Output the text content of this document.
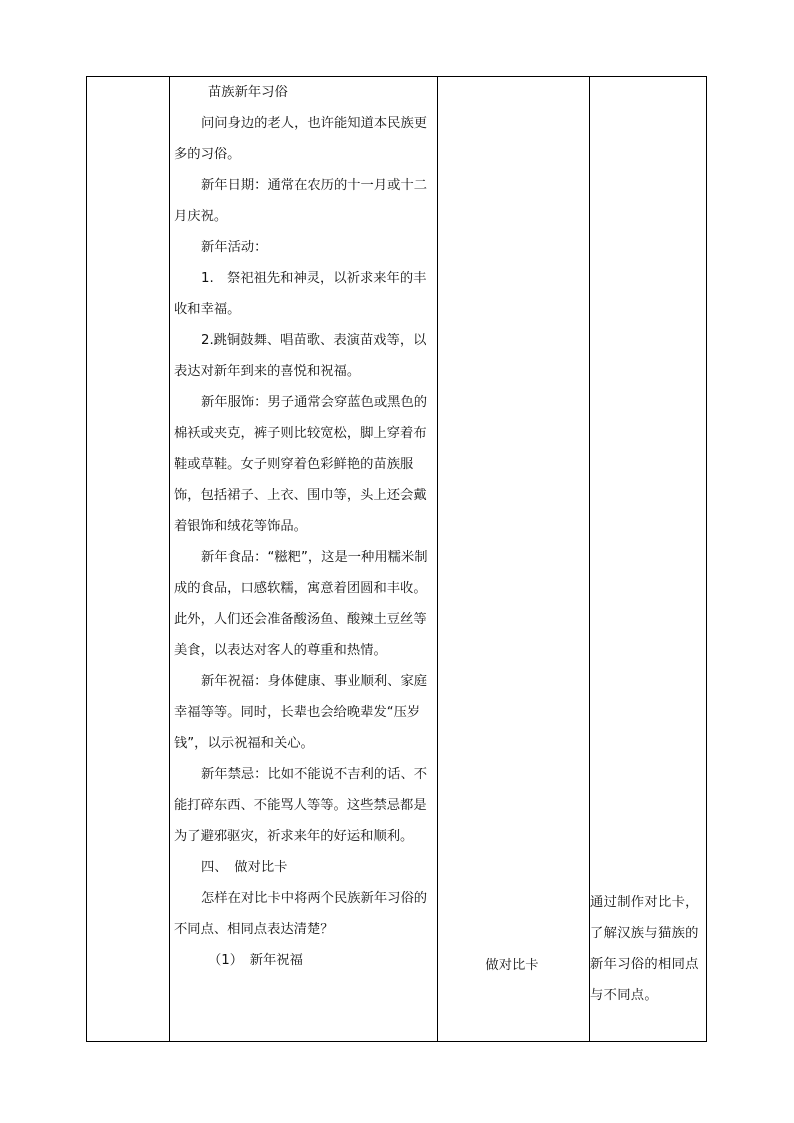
苗族新年习俗

问问身边的老人，也许能知道本民族更多的习俗。

新年日期：通常在农历的十一月或十二月庆祝。

新年活动：

1.　祭祀祖先和神灵，以祈求来年的丰收和幸福。

2.跳铜鼓舞、唱苗歌、表演苗戏等，以表达对新年到来的喜悦和祝福。

新年服饰：男子通常会穿蓝色或黑色的棉袄或夹克，裤子则比较宽松，脚上穿着布鞋或草鞋。女子则穿着色彩鲜艳的苗族服饰，包括裙子、上衣、围巾等，头上还会戴着银饰和绒花等饰品。

新年食品：“糍粑”，这是一种用糯米制成的食品，口感软糯，寓意着团圆和丰收。此外，人们还会准备酸汤鱼、酸辣土豆丝等美食，以表达对客人的尊重和热情。

新年祝福：身体健康、事业顺利、家庭幸福等等。同时，长辈也会给晚辈发“压岁钱”，以示祝福和关心。

新年禁忌：比如不能说不吉利的话、不能打碎东西、不能骂人等等。这些禁忌都是为了避邪驱灾，祈求来年的好运和顺利。

四、　做对比卡

怎样在对比卡中将两个民族新年习俗的不同点、相同点表达清楚？

（1）　新年祝福	做对比卡

通过制作对比卡，了解汉族与猫族的新年习俗的相同点与不同点。
